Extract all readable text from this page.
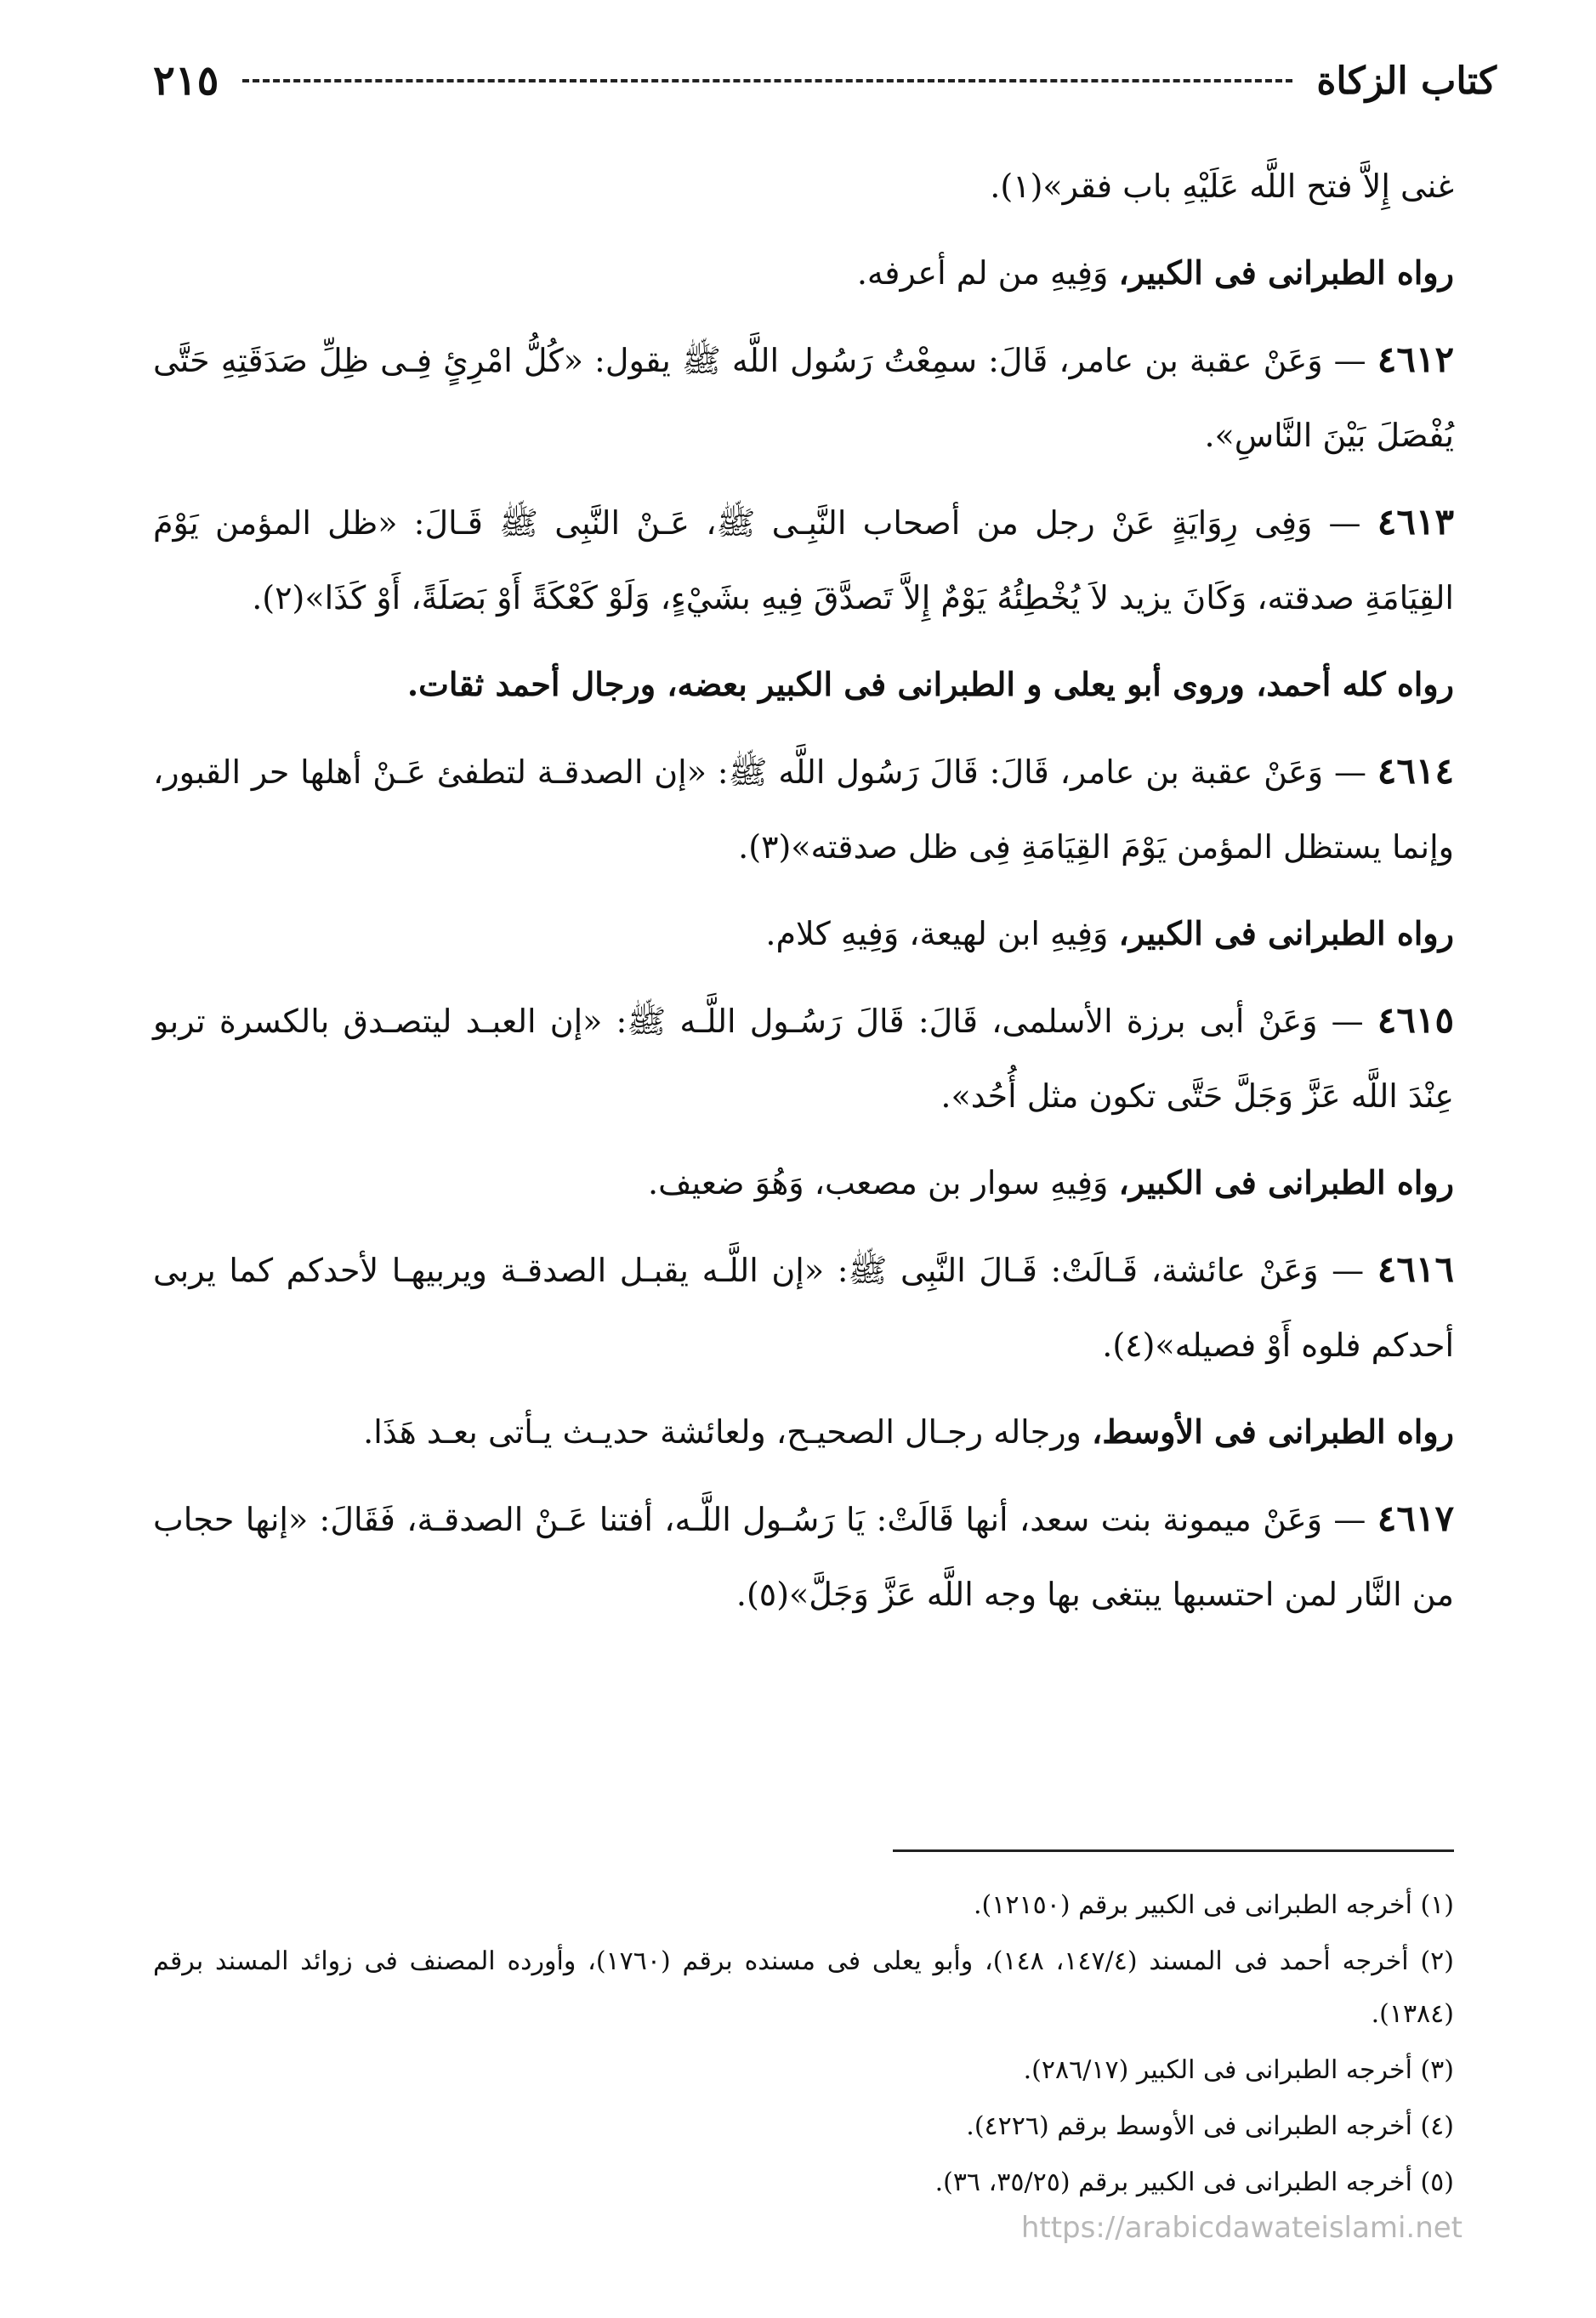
كتاب الزكاة
٢١٥

غنى إِلاَّ فتح اللَّه عَلَيْهِ باب فقر»(١).

رواه الطبرانى فى الكبير، وَفِيهِ من لم أعرفه.

٤٦١٢ — وَعَنْ عقبة بن عامر، قَالَ: سمِعْتُ رَسُول اللَّه ﷺ يقول: «كُلُّ امْرِئٍ فِـى ظِلِّ صَدَقَتِهِ حَتَّى يُفْصَلَ بَيْنَ النَّاسِ».

٤٦١٣ — وَفِى رِوَايَةٍ عَنْ رجل من أصحاب النَّبِـى ﷺ، عَـنْ النَّبِى ﷺ قَـالَ: «ظل المؤمن يَوْمَ القِيَامَةِ صدقته، وَكَانَ يزيد لاَ يُخْطِئُهُ يَوْمٌ إِلاَّ تَصدَّقَ فِيهِ بشَيْءٍ، وَلَوْ كَعْكَةً أَوْ بَصَلَةً، أَوْ كَذَا»(٢).

رواه كله أحمد، وروى أبو يعلى و الطبرانى فى الكبير بعضه، ورجال أحمد ثقات.

٤٦١٤ — وَعَنْ عقبة بن عامر، قَالَ: قَالَ رَسُول اللَّه ﷺ: «إن الصدقـة لتطفئ عَـنْ أهلها حر القبور، وإنما يستظل المؤمن يَوْمَ القِيَامَةِ فِى ظل صدقته»(٣).

رواه الطبرانى فى الكبير، وَفِيهِ ابن لهيعة، وَفِيهِ كلام.

٤٦١٥ — وَعَنْ أبى برزة الأسلمى، قَالَ: قَالَ رَسُـول اللَّـه ﷺ: «إن العبـد ليتصـدق بالكسرة تربو عِنْدَ اللَّه عَزَّ وَجَلَّ حَتَّى تكون مثل أُحُد».

رواه الطبرانى فى الكبير، وَفِيهِ سوار بن مصعب، وَهُوَ ضعيف.

٤٦١٦ — وَعَنْ عائشة، قَـالَتْ: قَـالَ النَّبِى ﷺ: «إن اللَّـه يقبـل الصدقـة ويربيهـا لأحدكم كما يربى أحدكم فلوه أَوْ فصيله»(٤).

رواه الطبرانى فى الأوسط، ورجاله رجـال الصحيـح، ولعائشة حديـث يـأتى بعـد هَذَا.

٤٦١٧ — وَعَنْ ميمونة بنت سعد، أنها قَالَتْ: يَا رَسُـول اللَّـه، أفتنا عَـنْ الصدقـة، فَقَالَ: «إنها حجاب من النَّار لمن احتسبها يبتغى بها وجه اللَّه عَزَّ وَجَلَّ»(٥).

(١) أخرجه الطبرانى فى الكبير برقم (١٢١٥٠).

(٢) أخرجه أحمد فى المسند (١٤٧/٤، ١٤٨)، وأبو يعلى فى مسنده برقم (١٧٦٠)، وأورده المصنف فى زوائد المسند برقم (١٣٨٤).

(٣) أخرجه الطبرانى فى الكبير (٢٨٦/١٧).

(٤) أخرجه الطبرانى فى الأوسط برقم (٤٢٢٦).

(٥) أخرجه الطبرانى فى الكبير برقم (٣٥/٢٥، ٣٦).

https://arabicdawateislami.net
